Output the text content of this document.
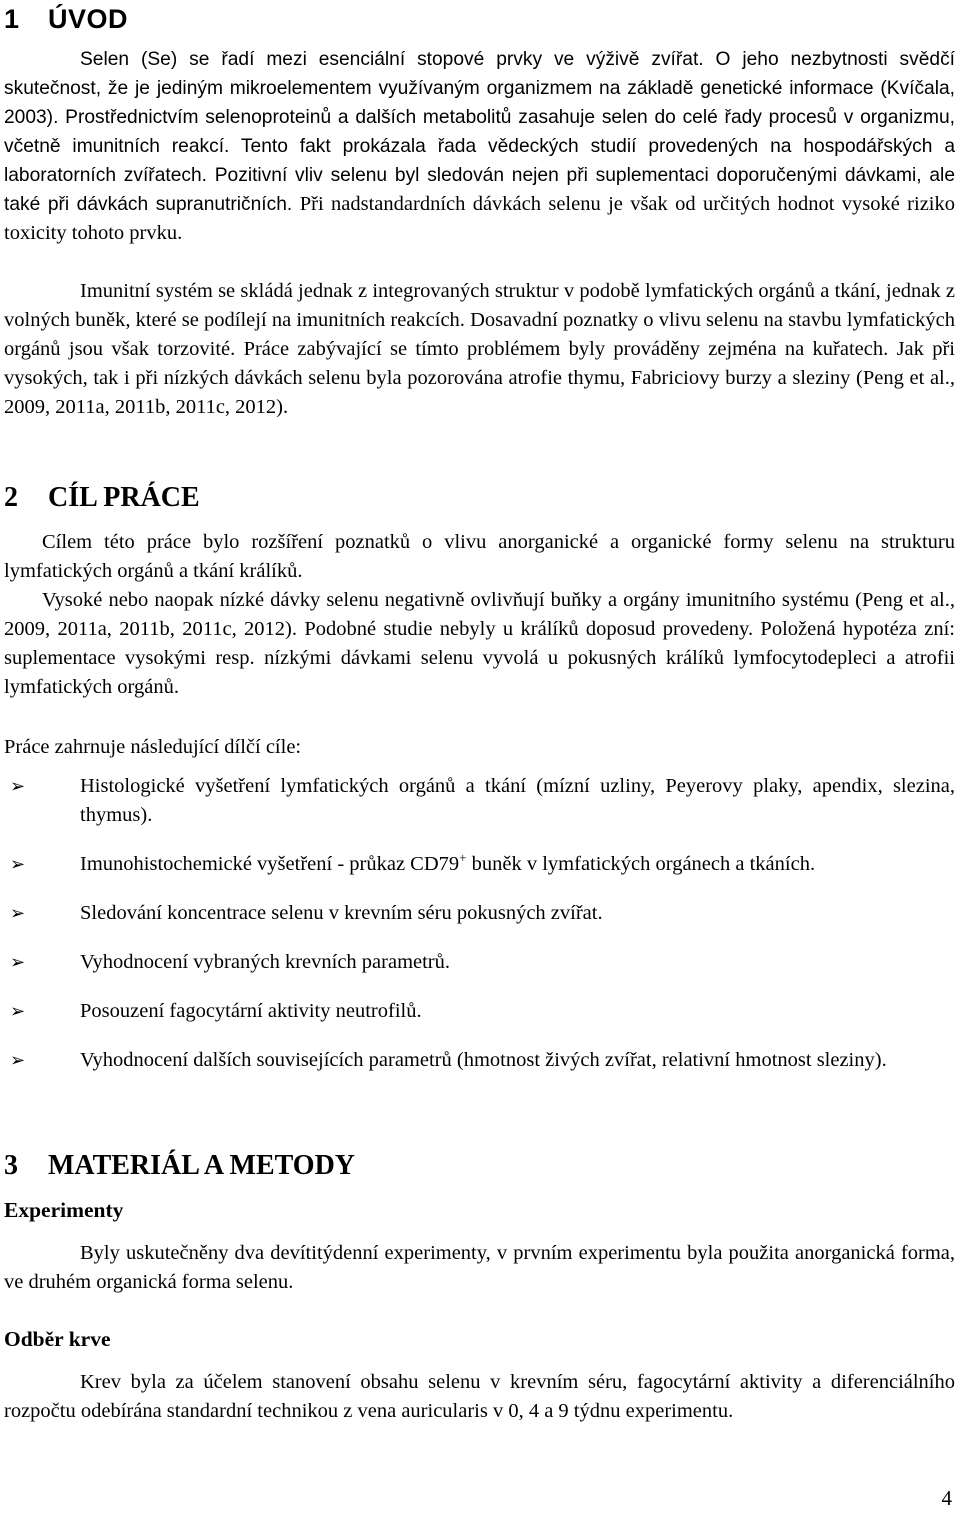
1 ÚVOD

Selen (Se) se řadí mezi esenciální stopové prvky ve výživě zvířat. O jeho nezbytnosti svědčí skutečnost, že je jediným mikroelementem využívaným organizmem na základě genetické informace (Kvíčala, 2003). Prostřednictvím selenoproteinů a dalších metabolitů zasahuje selen do celé řady procesů v organizmu, včetně imunitních reakcí. Tento fakt prokázala řada vědeckých studií provedených na hospodářských a laboratorních zvířatech. Pozitivní vliv selenu byl sledován nejen při suplementaci doporučenými dávkami, ale také při dávkách supranutričních. Při nadstandardních dávkách selenu je však od určitých hodnot vysoké riziko toxicity tohoto prvku.

Imunitní systém se skládá jednak z integrovaných struktur v podobě lymfatických orgánů a tkání, jednak z volných buněk, které se podílejí na imunitních reakcích. Dosavadní poznatky o vlivu selenu na stavbu lymfatických orgánů jsou však torzovité. Práce zabývající se tímto problémem byly prováděny zejména na kuřatech. Jak při vysokých, tak i při nízkých dávkách selenu byla pozorována atrofie thymu, Fabriciovy burzy a sleziny (Peng et al., 2009, 2011a, 2011b, 2011c, 2012).

2 CÍL PRÁCE

Cílem této práce bylo rozšíření poznatků o vlivu anorganické a organické formy selenu na strukturu lymfatických orgánů a tkání králíků.

Vysoké nebo naopak nízké dávky selenu negativně ovlivňují buňky a orgány imunitního systému (Peng et al., 2009, 2011a, 2011b, 2011c, 2012). Podobné studie nebyly u králíků doposud provedeny. Položená hypotéza zní: suplementace vysokými resp. nízkými dávkami selenu vyvolá u pokusných králíků lymfocytodepleci a atrofii lymfatických orgánů.

Práce zahrnuje následující dílčí cíle:

➢	Histologické vyšetření lymfatických orgánů a tkání (mízní uzliny, Peyerovy plaky, apendix, slezina, thymus).
➢	Imunohistochemické vyšetření - průkaz CD79+ buněk v lymfatických orgánech a tkáních.
➢	Sledování koncentrace selenu v krevním séru pokusných zvířat.
➢	Vyhodnocení vybraných krevních parametrů.
➢	Posouzení fagocytární aktivity neutrofilů.
➢	Vyhodnocení dalších souvisejících parametrů (hmotnost živých zvířat, relativní hmotnost sleziny).
3 MATERIÁL A METODY
Experimenty

Byly uskutečněny dva devítitýdenní experimenty, v prvním experimentu byla použita anorganická forma, ve druhém organická forma selenu.

Odběr krve

Krev byla za účelem stanovení obsahu selenu v krevním séru, fagocytární aktivity a diferenciálního rozpočtu odebírána standardní technikou z vena auricularis v 0, 4 a 9 týdnu experimentu.

4
